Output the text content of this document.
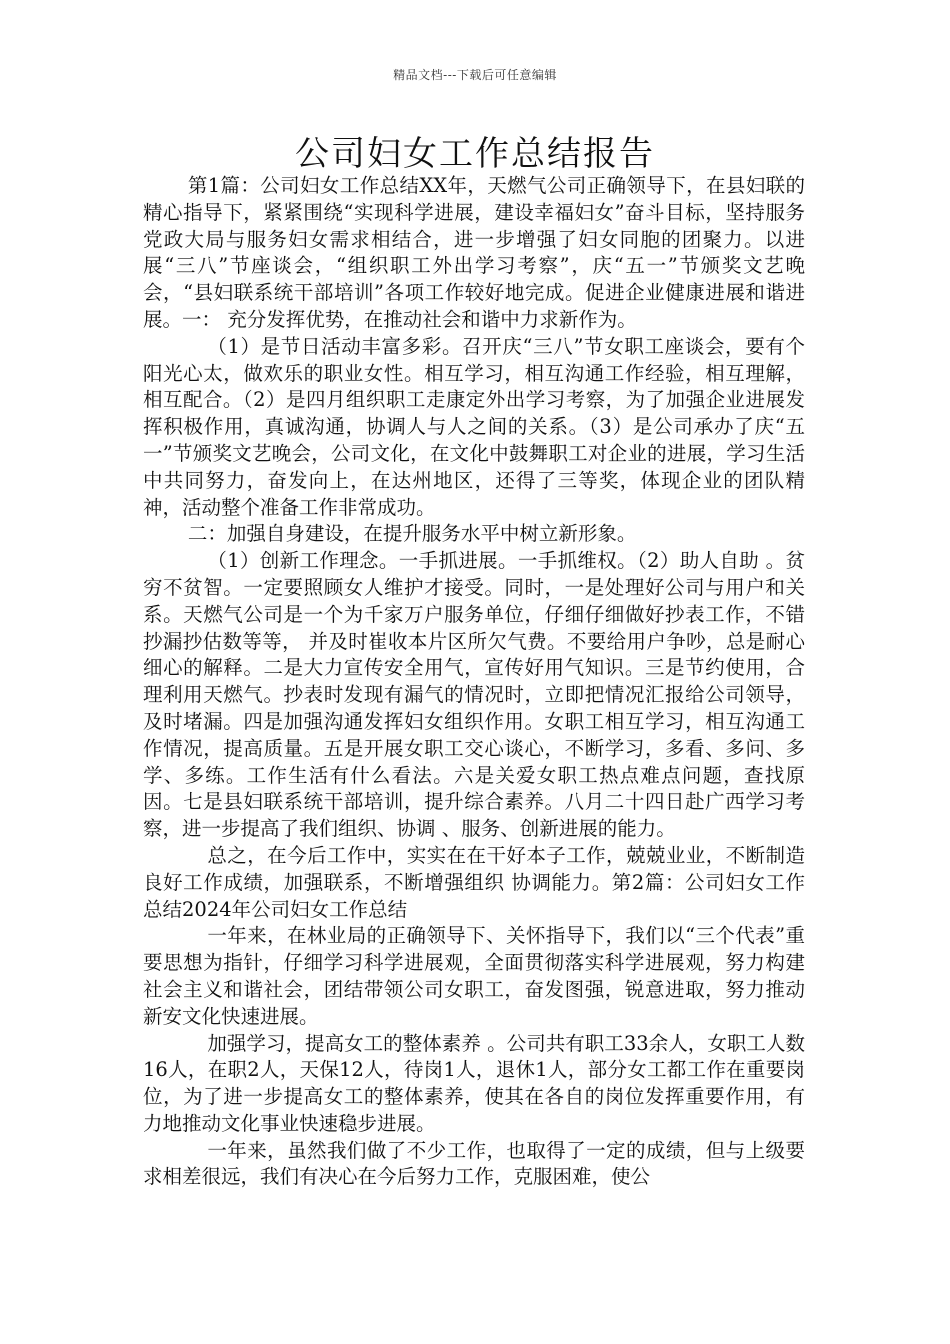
精品文档---下载后可任意编辑
公司妇女工作总结报告

第1篇：公司妇女工作总结XX年，天燃气公司正确领导下，在县妇联的精心指导下，紧紧围绕“实现科学进展，建设幸福妇女”奋斗目标，坚持服务党政大局与服务妇女需求相结合，进一步增强了妇女同胞的团聚力。以进展“三八”节座谈会，“组织职工外出学习考察”，庆“五一”节颁奖文艺晚会，“县妇联系统干部培训”各项工作较好地完成。促进企业健康进展和谐进展。一： 充分发挥优势，在推动社会和谐中力求新作为。

（1）是节日活动丰富多彩。召开庆“三八”节女职工座谈会，要有个阳光心太，做欢乐的职业女性。相互学习，相互沟通工作经验，相互理解，相互配合。（2）是四月组织职工走康定外出学习考察，为了加强企业进展发挥积极作用，真诚沟通，协调人与人之间的关系。（3）是公司承办了庆“五一”节颁奖文艺晚会，公司文化，在文化中鼓舞职工对企业的进展，学习生活中共同努力，奋发向上，在达州地区，还得了三等奖，体现企业的团队精神，活动整个准备工作非常成功。

二：加强自身建设，在提升服务水平中树立新形象。

（1）创新工作理念。一手抓进展。一手抓维权。（2）助人自助 。贫穷不贫智。一定要照顾女人维护才接受。同时，一是处理好公司与用户和关系。天燃气公司是一个为千家万户服务单位，仔细仔细做好抄表工作，不错抄漏抄估数等等， 并及时崔收本片区所欠气费。不要给用户争吵，总是耐心细心的解释。二是大力宣传安全用气，宣传好用气知识。三是节约使用，合理利用天燃气。抄表时发现有漏气的情况时，立即把情况汇报给公司领导，及时堵漏。四是加强沟通发挥妇女组织作用。女职工相互学习，相互沟通工作情况，提高质量。五是开展女职工交心谈心，不断学习，多看、多问、多学、多练。工作生活有什么看法。六是关爱女职工热点难点问题，查找原因。七是县妇联系统干部培训，提升综合素养。八月二十四日赴广西学习考察，进一步提高了我们组织、协调 、服务、创新进展的能力。

总之，在今后工作中，实实在在干好本子工作，兢兢业业，不断制造良好工作成绩，加强联系，不断增强组织 协调能力。第2篇：公司妇女工作总结2024年公司妇女工作总结

一年来，在林业局的正确领导下、关怀指导下，我们以“三个代表”重要思想为指针，仔细学习科学进展观，全面贯彻落实科学进展观，努力构建社会主义和谐社会，团结带领公司女职工，奋发图强，锐意进取，努力推动新安文化快速进展。

加强学习，提高女工的整体素养 。公司共有职工33余人，女职工人数16人，在职2人，天保12人，待岗1人，退休1人，部分女工都工作在重要岗位，为了进一步提高女工的整体素养，使其在各自的岗位发挥重要作用，有力地推动文化事业快速稳步进展。

一年来，虽然我们做了不少工作，也取得了一定的成绩，但与上级要求相差很远，我们有决心在今后努力工作，克服困难，使公
